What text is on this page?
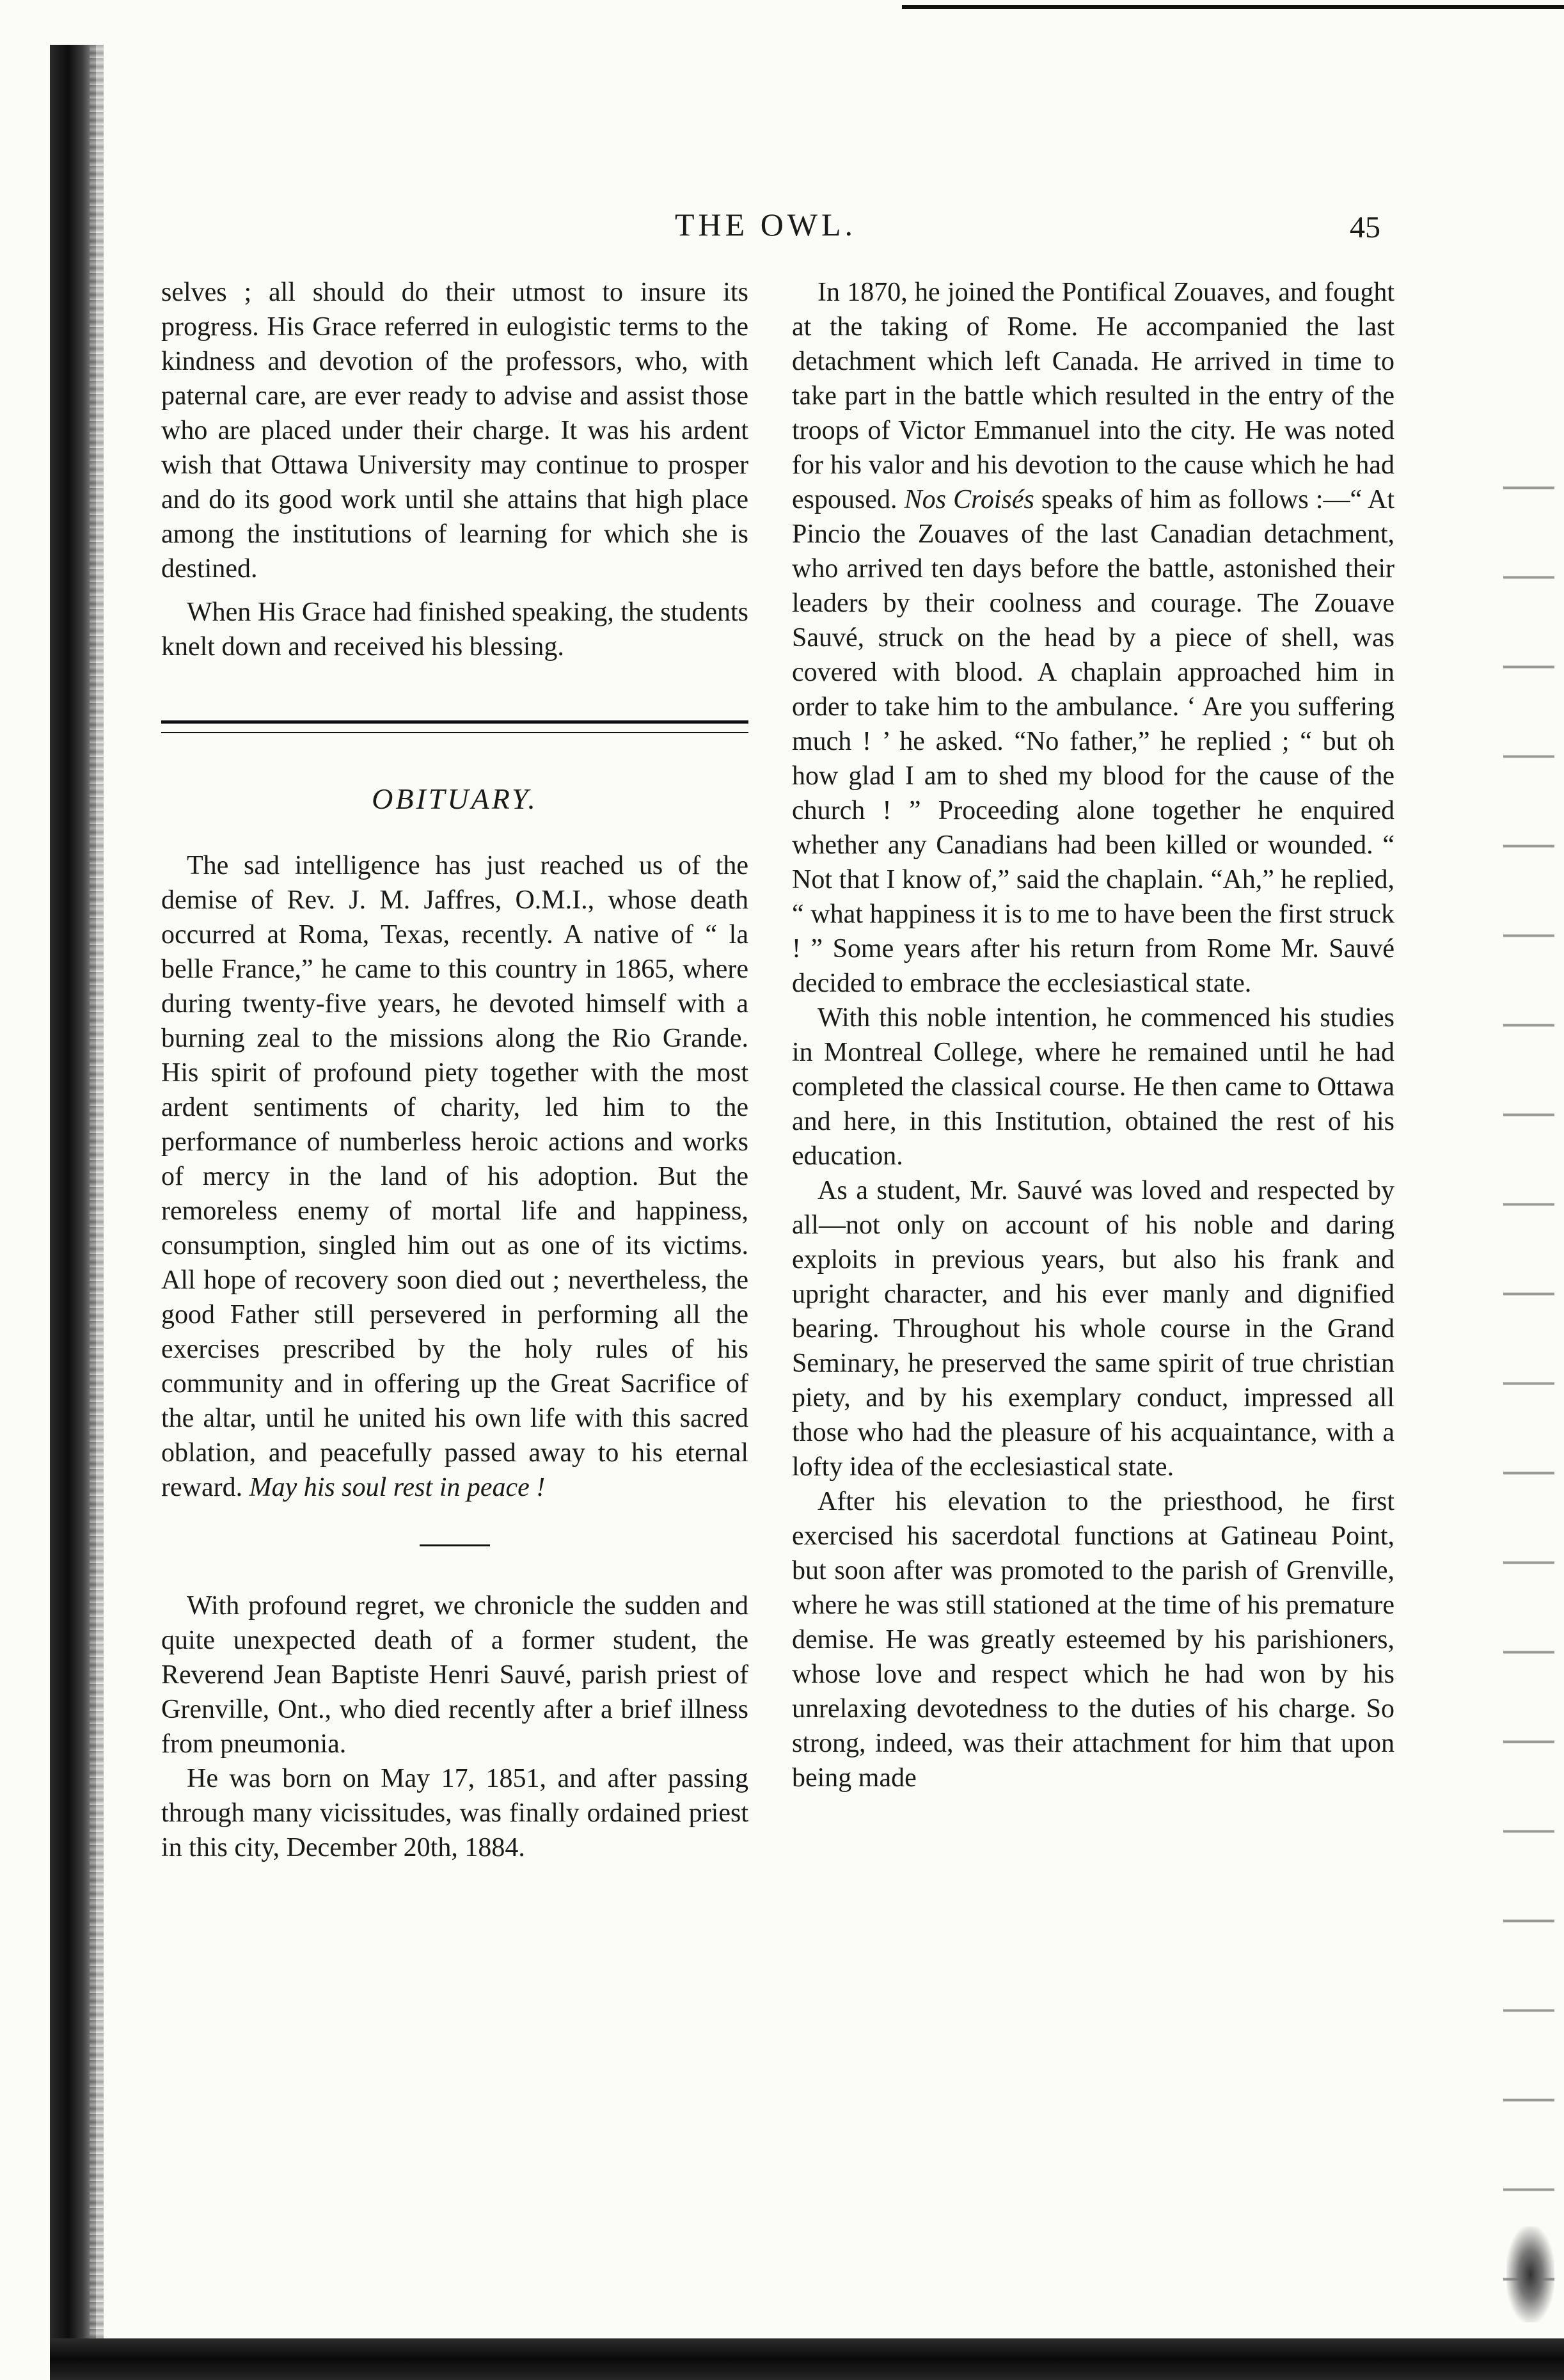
THE OWL.	45

selves ; all should do their utmost to insure its progress. His Grace referred in eulogistic terms to the kindness and devotion of the professors, who, with paternal care, are ever ready to advise and assist those who are placed under their charge. It was his ardent wish that Ottawa University may continue to prosper and do its good work until she attains that high place among the institutions of learning for which she is destined.

When His Grace had finished speaking, the students knelt down and received his blessing.

OBITUARY.

The sad intelligence has just reached us of the demise of Rev. J. M. Jaffres, O.M.I., whose death occurred at Roma, Texas, recently. A native of “ la belle France,” he came to this country in 1865, where during twenty-five years, he devoted himself with a burning zeal to the missions along the Rio Grande. His spirit of profound piety together with the most ardent sentiments of charity, led him to the performance of numberless heroic actions and works of mercy in the land of his adoption. But the remoreless enemy of mortal life and happiness, consumption, singled him out as one of its victims. All hope of recovery soon died out ; nevertheless, the good Father still persevered in performing all the exercises prescribed by the holy rules of his community and in offering up the Great Sacrifice of the altar, until he united his own life with this sacred oblation, and peacefully passed away to his eternal reward. May his soul rest in peace !

With profound regret, we chronicle the sudden and quite unexpected death of a former student, the Reverend Jean Baptiste Henri Sauvé, parish priest of Grenville, Ont., who died recently after a brief illness from pneumonia.

He was born on May 17, 1851, and after passing through many vicissitudes, was finally ordained priest in this city, December 20th, 1884.

In 1870, he joined the Pontifical Zouaves, and fought at the taking of Rome. He accompanied the last detachment which left Canada. He arrived in time to take part in the battle which resulted in the entry of the troops of Victor Emmanuel into the city. He was noted for his valor and his devotion to the cause which he had espoused. Nos Croisés speaks of him as follows :—“ At Pincio the Zouaves of the last Canadian detachment, who arrived ten days before the battle, astonished their leaders by their coolness and courage. The Zouave Sauvé, struck on the head by a piece of shell, was covered with blood. A chaplain approached him in order to take him to the ambulance. ‘ Are you suffering much ! ’ he asked. “No father,” he replied ; “ but oh how glad I am to shed my blood for the cause of the church ! ” Proceeding alone together he enquired whether any Canadians had been killed or wounded. “ Not that I know of,” said the chaplain. “Ah,” he replied, “ what happiness it is to me to have been the first struck ! ” Some years after his return from Rome Mr. Sauvé decided to embrace the ecclesiastical state.

With this noble intention, he commenced his studies in Montreal College, where he remained until he had completed the classical course. He then came to Ottawa and here, in this Institution, obtained the rest of his education.

As a student, Mr. Sauvé was loved and respected by all—not only on account of his noble and daring exploits in previous years, but also his frank and upright character, and his ever manly and dignified bearing. Throughout his whole course in the Grand Seminary, he preserved the same spirit of true christian piety, and by his exemplary conduct, impressed all those who had the pleasure of his acquaintance, with a lofty idea of the ecclesiastical state.

After his elevation to the priesthood, he first exercised his sacerdotal functions at Gatineau Point, but soon after was promoted to the parish of Grenville, where he was still stationed at the time of his premature demise. He was greatly esteemed by his parishioners, whose love and respect which he had won by his unrelaxing devotedness to the duties of his charge. So strong, indeed, was their attachment for him that upon being made
